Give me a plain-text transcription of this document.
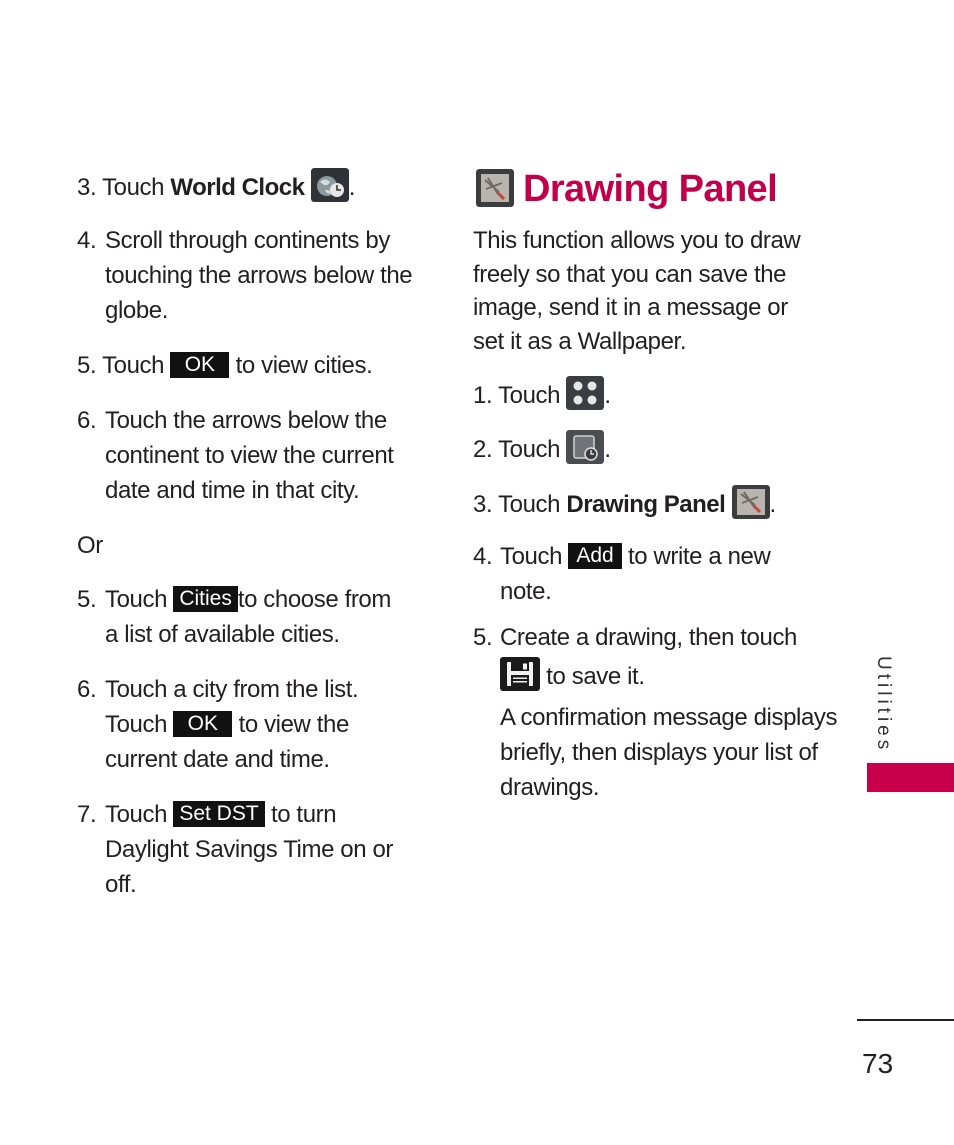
3. Touch World Clock .
4. Scroll through continents by
touching the arrows below the
globe.
5. Touch OK to view cities.
6. Touch the arrows below the
continent to view the current
date and time in that city.
Or
5. Touch Cities to choose from
a list of available cities.
6. Touch a city from the list.
Touch OK to view the
current date and time.
7. Touch Set DST to turn
Daylight Savings Time on or
off.
Drawing Panel
This function allows you to draw
freely so that you can save the
image, send it in a message or
set it as a Wallpaper.
1. Touch
.
2. Touch
.
3. Touch Drawing Panel .
4. Touch Add to write a new
note.
5. Create a drawing, then touch
to save it.
A confirmation message displays
briefly, then displays your list of
drawings.
Utilities
73
